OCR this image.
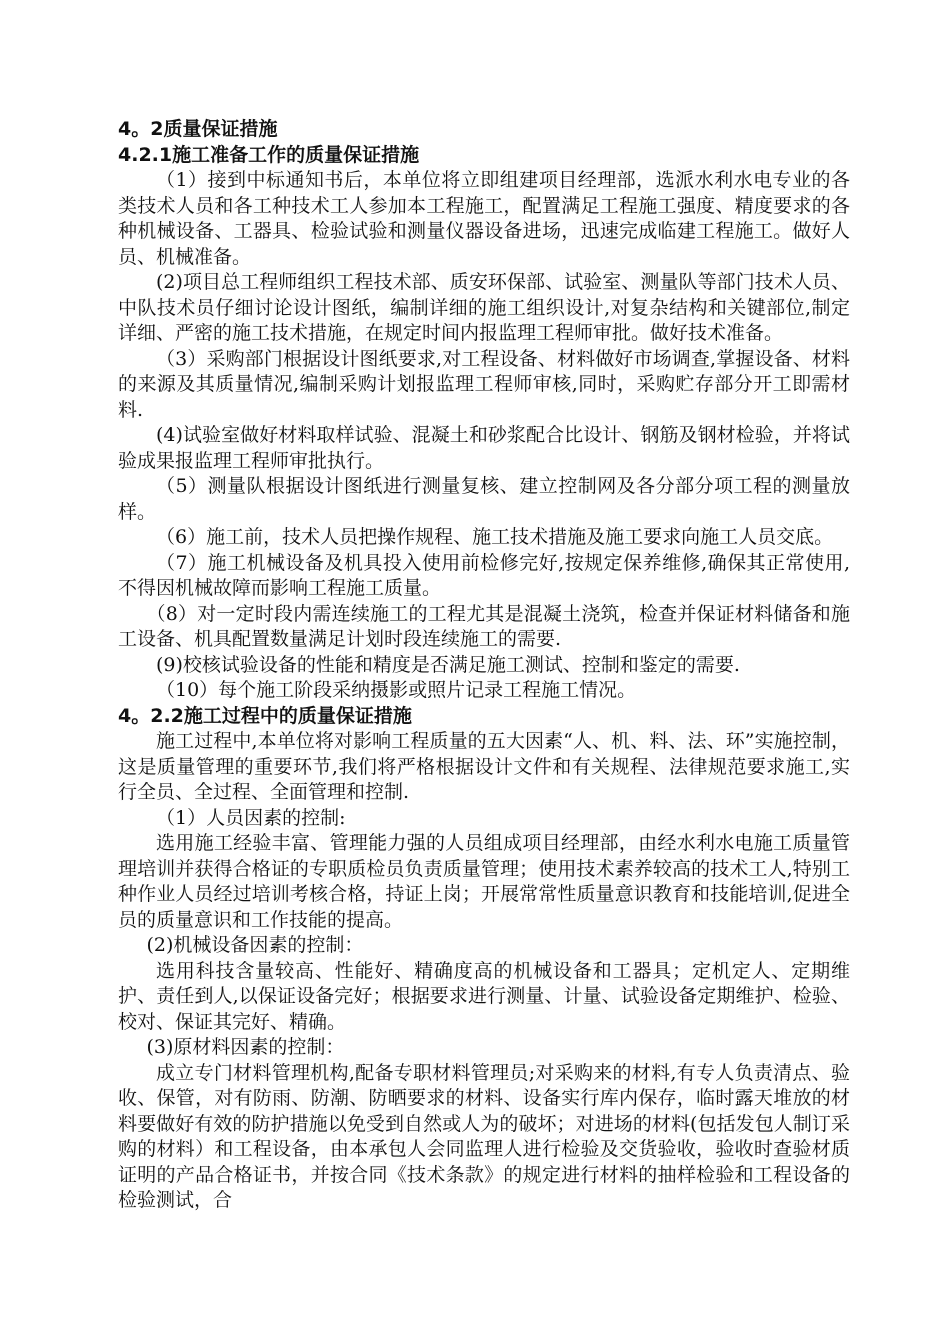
4。2质量保证措施

4.2.1施工准备工作的质量保证措施

（1）接到中标通知书后，本单位将立即组建项目经理部，选派水利水电专业的各类技术人员和各工种技术工人参加本工程施工，配置满足工程施工强度、精度要求的各种机械设备、工器具、检验试验和测量仪器设备进场，迅速完成临建工程施工。做好人员、机械准备。

(2)项目总工程师组织工程技术部、质安环保部、试验室、测量队等部门技术人员、中队技术员仔细讨论设计图纸，编制详细的施工组织设计,对复杂结构和关键部位,制定详细、严密的施工技术措施，在规定时间内报监理工程师审批。做好技术准备。

（3）采购部门根据设计图纸要求,对工程设备、材料做好市场调查,掌握设备、材料的来源及其质量情况,编制采购计划报监理工程师审核,同时，采购贮存部分开工即需材料.

(4)试验室做好材料取样试验、混凝土和砂浆配合比设计、钢筋及钢材检验，并将试验成果报监理工程师审批执行。

（5）测量队根据设计图纸进行测量复核、建立控制网及各分部分项工程的测量放样。

（6）施工前，技术人员把操作规程、施工技术措施及施工要求向施工人员交底。

（7）施工机械设备及机具投入使用前检修完好,按规定保养维修,确保其正常使用,不得因机械故障而影响工程施工质量。

（8）对一定时段内需连续施工的工程尤其是混凝土浇筑，检查并保证材料储备和施工设备、机具配置数量满足计划时段连续施工的需要.

(9)校核试验设备的性能和精度是否满足施工测试、控制和鉴定的需要.

（10）每个施工阶段采纳摄影或照片记录工程施工情况。

4。2.2施工过程中的质量保证措施

施工过程中,本单位将对影响工程质量的五大因素“人、机、料、法、环”实施控制，这是质量管理的重要环节,我们将严格根据设计文件和有关规程、法律规范要求施工,实行全员、全过程、全面管理和控制.

（1）人员因素的控制:

选用施工经验丰富、管理能力强的人员组成项目经理部，由经水利水电施工质量管理培训并获得合格证的专职质检员负责质量管理；使用技术素养较高的技术工人,特别工种作业人员经过培训考核合格，持证上岗；开展常常性质量意识教育和技能培训,促进全员的质量意识和工作技能的提高。

(2)机械设备因素的控制：

选用科技含量较高、性能好、精确度高的机械设备和工器具；定机定人、定期维护、责任到人,以保证设备完好；根据要求进行测量、计量、试验设备定期维护、检验、校对、保证其完好、精确。

(3)原材料因素的控制：

成立专门材料管理机构,配备专职材料管理员;对采购来的材料,有专人负责清点、验收、保管，对有防雨、防潮、防晒要求的材料、设备实行库内保存，临时露天堆放的材料要做好有效的防护措施以免受到自然或人为的破坏；对进场的材料(包括发包人制订采购的材料）和工程设备，由本承包人会同监理人进行检验及交货验收，验收时查验材质证明的产品合格证书，并按合同《技术条款》的规定进行材料的抽样检验和工程设备的检验测试，合
